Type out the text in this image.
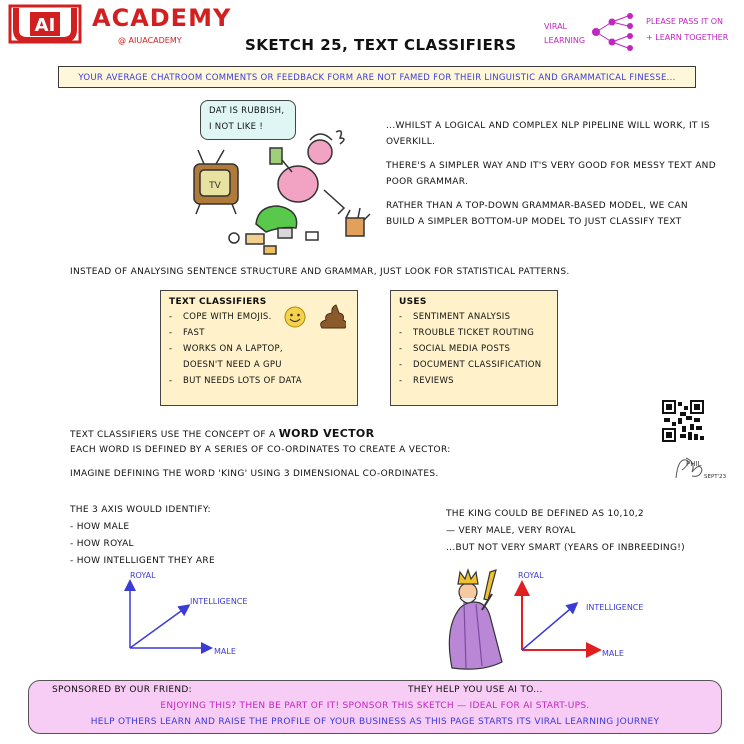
AI ACADEMY
@ AIUACADEMY	SKETCH 25, TEXT CLASSIFIERS
VIRAL
LEARNING
PLEASE PASS IT ON
+ LEARN TOGETHER
YOUR AVERAGE CHATROOM COMMENTS OR FEEDBACK FORM ARE NOT FAMED FOR THEIR LINGUISTIC AND GRAMMATICAL FINESSE...
TV
DAT IS RUBBISH,
I NOT LIKE !	...WHILST A LOGICAL AND COMPLEX NLP PIPELINE WILL WORK, IT IS OVERKILL.

THERE'S A SIMPLER WAY AND IT'S VERY GOOD FOR MESSY TEXT AND POOR GRAMMAR.

RATHER THAN A TOP-DOWN GRAMMAR-BASED MODEL, WE CAN BUILD A SIMPLER BOTTOM-UP MODEL TO JUST CLASSIFY TEXT

INSTEAD OF ANALYSING SENTENCE STRUCTURE AND GRAMMAR, JUST LOOK FOR STATISTICAL PATTERNS.
TEXT CLASSIFIERS
- COPE WITH EMOJIS.
- FAST
- WORKS ON A LAPTOP,
DOESN'T NEED A GPU
- BUT NEEDS LOTS OF DATA
USES
- SENTIMENT ANALYSIS
- TROUBLE TICKET ROUTING
- SOCIAL MEDIA POSTS
- DOCUMENT CLASSIFICATION
- REVIEWS
PHIL
SEPT'23
TEXT CLASSIFIERS USE THE CONCEPT OF A WORD VECTOR
EACH WORD IS DEFINED BY A SERIES OF CO-ORDINATES TO CREATE A VECTOR:
IMAGINE DEFINING THE WORD 'KING' USING 3 DIMENSIONAL CO-ORDINATES.
THE 3 AXIS WOULD IDENTIFY:
- HOW MALE
- HOW ROYAL
- HOW INTELLIGENT THEY ARE
THE KING COULD BE DEFINED AS 10,10,2
— VERY MALE, VERY ROYAL
...BUT NOT VERY SMART (YEARS OF INBREEDING!)
ROYAL
INTELLIGENCE
MALE
ROYAL
INTELLIGENCE
MALE
SPONSORED BY OUR FRIEND:	THEY HELP YOU USE AI TO...
ENJOYING THIS? THEN BE PART OF IT! SPONSOR THIS SKETCH — IDEAL FOR AI START-UPS.
HELP OTHERS LEARN AND RAISE THE PROFILE OF YOUR BUSINESS AS THIS PAGE STARTS ITS VIRAL LEARNING JOURNEY
